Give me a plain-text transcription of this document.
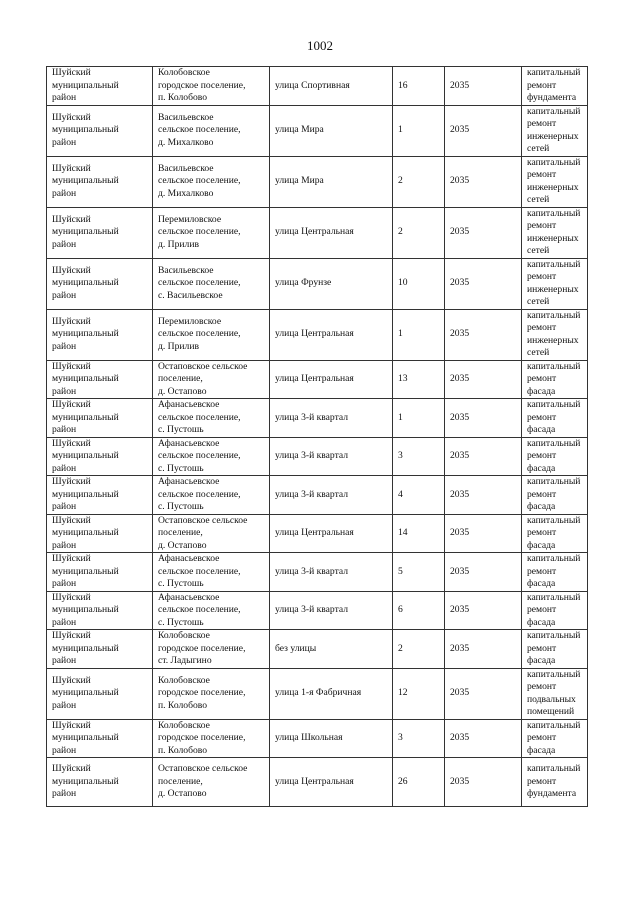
1002
Шуйский
муниципальный
район	Колобовское
городское поселение,
п. Колобово	улица Спортивная	16	2035	капитальный
ремонт
фундамента
Шуйский
муниципальный
район	Васильевское
сельское поселение,
д. Михалково	улица Мира	1	2035	капитальный
ремонт
инженерных
сетей
Шуйский
муниципальный
район	Васильевское
сельское поселение,
д. Михалково	улица Мира	2	2035	капитальный
ремонт
инженерных
сетей
Шуйский
муниципальный
район	Перемиловское
сельское поселение,
д. Прилив	улица Центральная	2	2035	капитальный
ремонт
инженерных
сетей
Шуйский
муниципальный
район	Васильевское
сельское поселение,
с. Васильевское	улица Фрунзе	10	2035	капитальный
ремонт
инженерных
сетей
Шуйский
муниципальный
район	Перемиловское
сельское поселение,
д. Прилив	улица Центральная	1	2035	капитальный
ремонт
инженерных
сетей
Шуйский
муниципальный
район	Остаповское сельское
поселение,
д. Остапово	улица Центральная	13	2035	капитальный
ремонт фасада
Шуйский
муниципальный
район	Афанасьевское
сельское поселение,
с. Пустошь	улица 3-й квартал	1	2035	капитальный
ремонт фасада
Шуйский
муниципальный
район	Афанасьевское
сельское поселение,
с. Пустошь	улица 3-й квартал	3	2035	капитальный
ремонт фасада
Шуйский
муниципальный
район	Афанасьевское
сельское поселение,
с. Пустошь	улица 3-й квартал	4	2035	капитальный
ремонт фасада
Шуйский
муниципальный
район	Остаповское сельское
поселение,
д. Остапово	улица Центральная	14	2035	капитальный
ремонт фасада
Шуйский
муниципальный
район	Афанасьевское
сельское поселение,
с. Пустошь	улица 3-й квартал	5	2035	капитальный
ремонт фасада
Шуйский
муниципальный
район	Афанасьевское
сельское поселение,
с. Пустошь	улица 3-й квартал	6	2035	капитальный
ремонт фасада
Шуйский
муниципальный
район	Колобовское
городское поселение,
ст. Ладыгино	без улицы	2	2035	капитальный
ремонт фасада
Шуйский
муниципальный
район	Колобовское
городское поселение,
п. Колобово	улица 1-я Фабричная	12	2035	капитальный
ремонт
подвальных
помещений
Шуйский
муниципальный
район	Колобовское
городское поселение,
п. Колобово	улица Школьная	3	2035	капитальный
ремонт фасада
Шуйский
муниципальный
район	Остаповское сельское
поселение,
д. Остапово	улица Центральная	26	2035	капитальный
ремонт
фундамента
